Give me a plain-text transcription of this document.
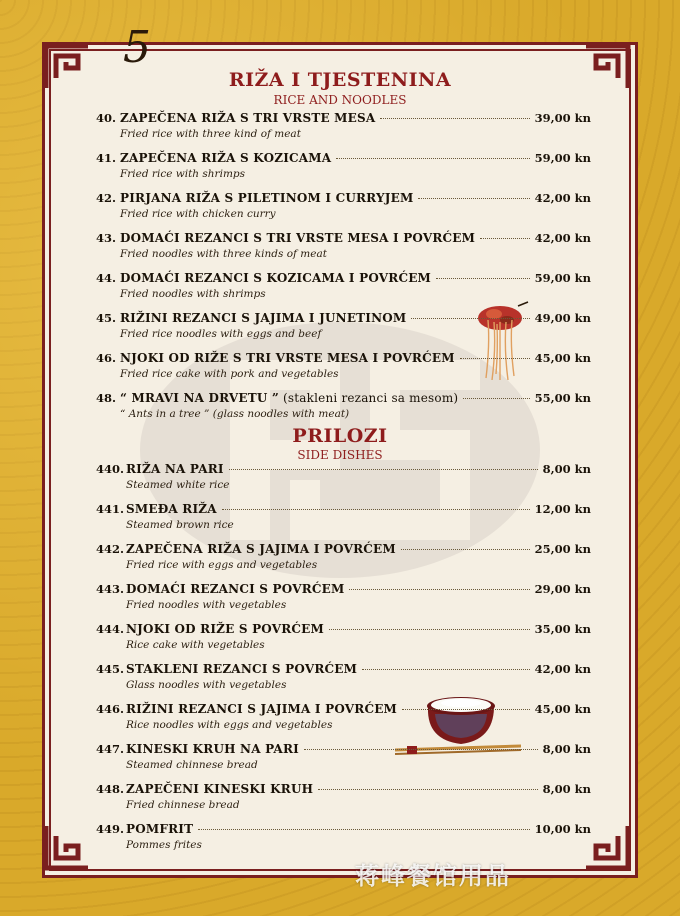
5
RIŽA I TJESTENINA
RICE AND NOODLES
40. ZAPEČENA RIŽA S TRI VRSTE MESA	39,00 kn
Fried rice with three kind of meat
41. ZAPEČENA RIŽA S KOZICAMA	59,00 kn
Fried rice with shrimps
42. PIRJANA RIŽA S PILETINOM I CURRYJEM	42,00 kn
Fried rice with chicken curry
43. DOMAĆI REZANCI S TRI VRSTE MESA I POVRĆEM	42,00 kn
Fried noodles with three kinds of meat
44. DOMAĆI REZANCI S KOZICAMA I POVRĆEM	59,00 kn
Fried noodles with shrimps
45. RIŽINI REZANCI S JAJIMA I JUNETINOM	49,00 kn
Fried rice noodles with eggs and beef
46. NJOKI OD RIŽE S TRI VRSTE MESA I POVRĆEM	45,00 kn
Fried rice cake with pork and vegetables
48. “ MRAVI NA DRVETU ” (stakleni rezanci sa mesom)	55,00 kn
“ Ants in a tree ” (glass noodles with meat)
PRILOZI
SIDE DISHES
440. RIŽA NA PARI	8,00 kn
Steamed white rice
441. SMEĐA RIŽA	12,00 kn
Steamed brown rice
442. ZAPEČENA RIŽA S JAJIMA I POVRĆEM	25,00 kn
Fried rice with eggs and vegetables
443. DOMAĆI REZANCI S POVRĆEM	29,00 kn
Fried noodles with vegetables
444. NJOKI OD RIŽE S POVRĆEM	35,00 kn
Rice cake with vegetables
445. STAKLENI REZANCI S POVRĆEM	42,00 kn
Glass noodles with vegetables
446. RIŽINI REZANCI S JAJIMA I POVRĆEM	45,00 kn
Rice noodles with eggs and vegetables
447. KINESKI KRUH NA PARI	8,00 kn
Steamed chinnese bread
448. ZAPEČENI KINESKI KRUH	8,00 kn
Fried chinnese bread
449. POMFRIT	10,00 kn
Pommes frites
蒋峰餐馆用品
